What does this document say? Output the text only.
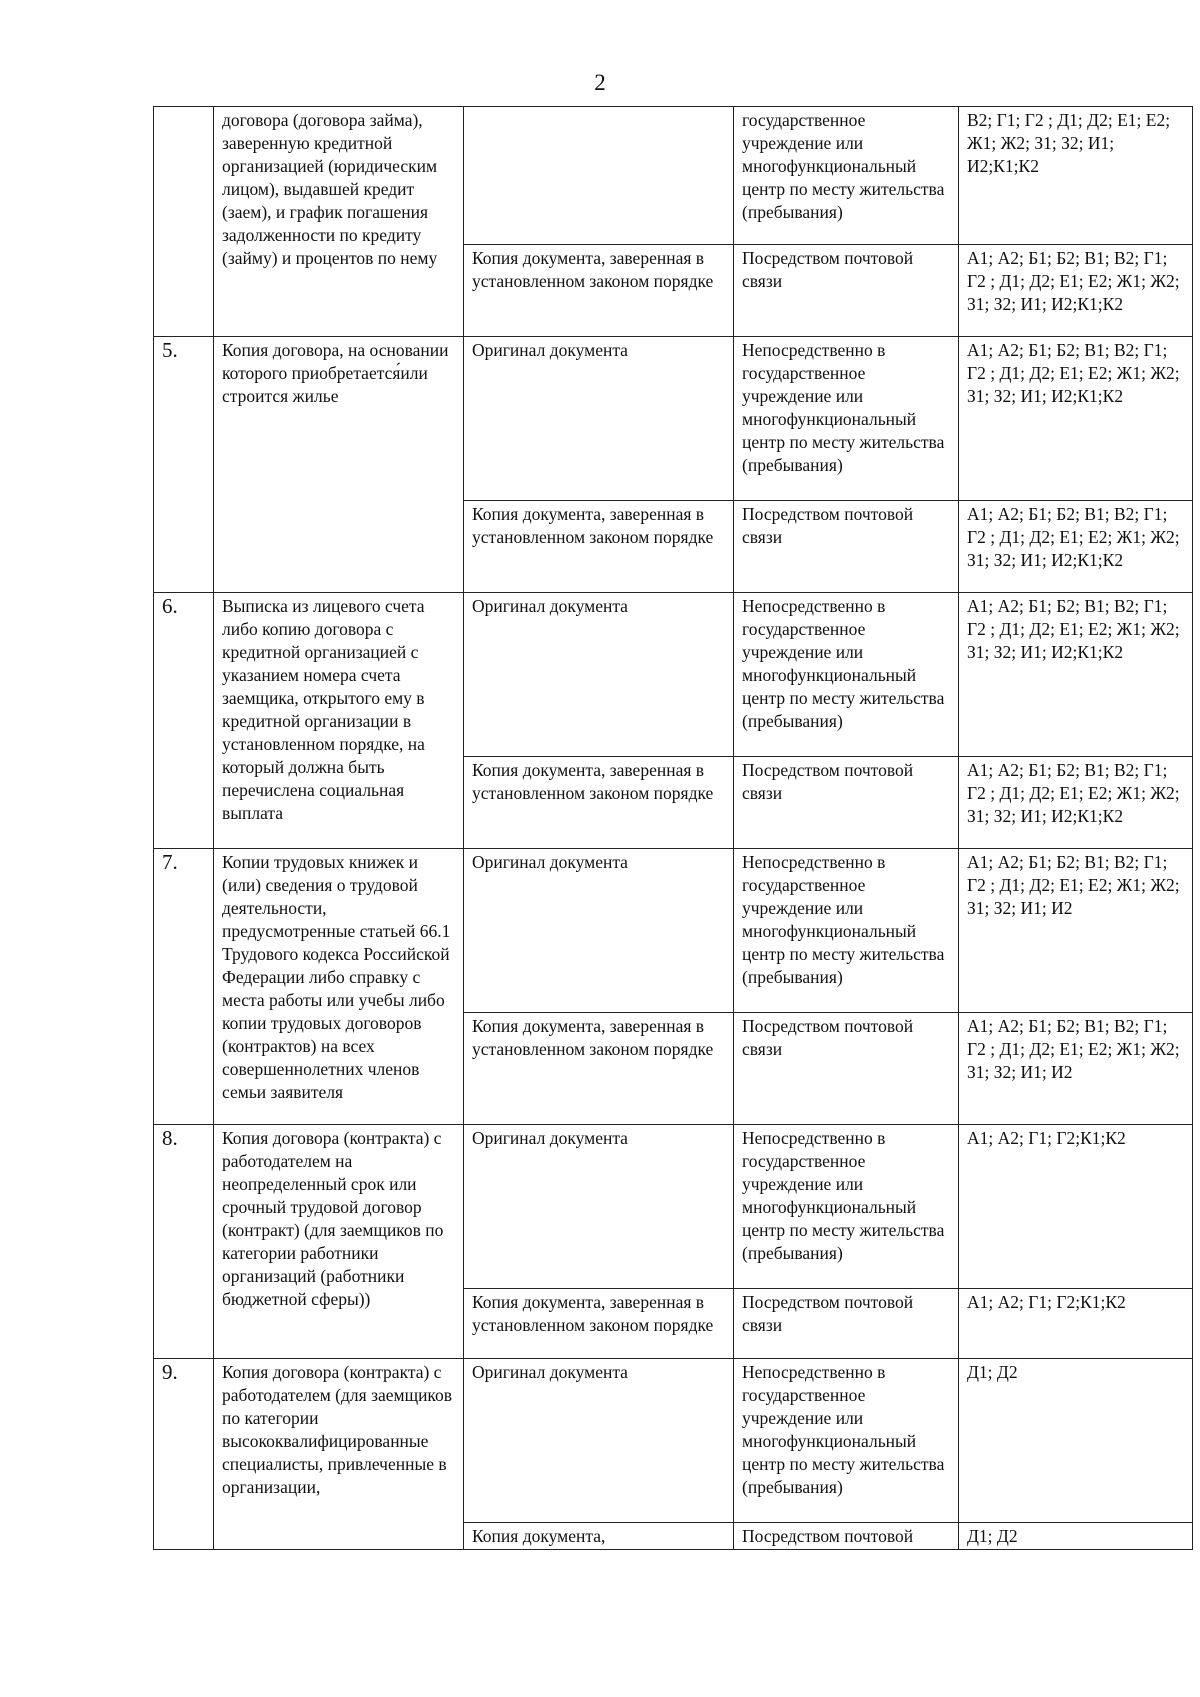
2
	договора (договора займа), заверенную кредитной организацией (юридическим лицом), выдавшей кредит (заем), и график погашения задолженности по кредиту (займу) и процентов по нему		государственное учреждение или многофункциональный центр по месту жительства (пребывания)	В2; Г1; Г2 ; Д1; Д2; Е1; Е2; Ж1; Ж2; З1; З2; И1; И2;К1;К2
		Копия документа, заверенная в установленном законом порядке	Посредством почтовой связи	А1; А2; Б1; Б2; В1; В2; Г1; Г2 ; Д1; Д2; Е1; Е2; Ж1; Ж2; З1; З2; И1; И2;К1;К2
5.	Копия договора, на основании которого приобретается́или строится жилье	Оригинал документа	Непосредственно в государственное учреждение или многофункциональный центр по месту жительства (пребывания)	А1; А2; Б1; Б2; В1; В2; Г1; Г2 ; Д1; Д2; Е1; Е2; Ж1; Ж2; З1; З2; И1; И2;К1;К2
		Копия документа, заверенная в установленном законом порядке	Посредством почтовой связи	А1; А2; Б1; Б2; В1; В2; Г1; Г2 ; Д1; Д2; Е1; Е2; Ж1; Ж2; З1; З2; И1; И2;К1;К2
6.	Выписка из лицевого счета либо копию договора с кредитной организацией с указанием номера счета заемщика, открытого ему в кредитной организации в установленном порядке, на который должна быть перечислена социальная выплата	Оригинал документа	Непосредственно в государственное учреждение или многофункциональный центр по месту жительства (пребывания)	А1; А2; Б1; Б2; В1; В2; Г1; Г2 ; Д1; Д2; Е1; Е2; Ж1; Ж2; З1; З2; И1; И2;К1;К2
		Копия документа, заверенная в установленном законом порядке	Посредством почтовой связи	А1; А2; Б1; Б2; В1; В2; Г1; Г2 ; Д1; Д2; Е1; Е2; Ж1; Ж2; З1; З2; И1; И2;К1;К2
7.	Копии трудовых книжек и (или) сведения о трудовой деятельности, предусмотренные статьей 66.1 Трудового кодекса Российской Федерации либо справку с места работы или учебы либо копии трудовых договоров (контрактов) на всех совершеннолетних членов семьи заявителя	Оригинал документа	Непосредственно в государственное учреждение или многофункциональный центр по месту жительства (пребывания)	А1; А2; Б1; Б2; В1; В2; Г1; Г2 ; Д1; Д2; Е1; Е2; Ж1; Ж2; З1; З2; И1; И2
		Копия документа, заверенная в установленном законом порядке	Посредством почтовой связи	А1; А2; Б1; Б2; В1; В2; Г1; Г2 ; Д1; Д2; Е1; Е2; Ж1; Ж2; З1; З2; И1; И2
8.	Копия договора (контракта) с работодателем на неопределенный срок или срочный трудовой договор (контракт) (для заемщиков по категории работники организаций (работники бюджетной сферы))	Оригинал документа	Непосредственно в государственное учреждение или многофункциональный центр по месту жительства (пребывания)	А1; А2; Г1; Г2;К1;К2
		Копия документа, заверенная в установленном законом порядке	Посредством почтовой связи	А1; А2; Г1; Г2;К1;К2
9.	Копия договора (контракта) с работодателем (для заемщиков по категории высококвалифицированные специалисты, привлеченные в организации,	Оригинал документа	Непосредственно в государственное учреждение или многофункциональный центр по месту жительства (пребывания)	Д1; Д2
		Копия документа,	Посредством почтовой	Д1; Д2
